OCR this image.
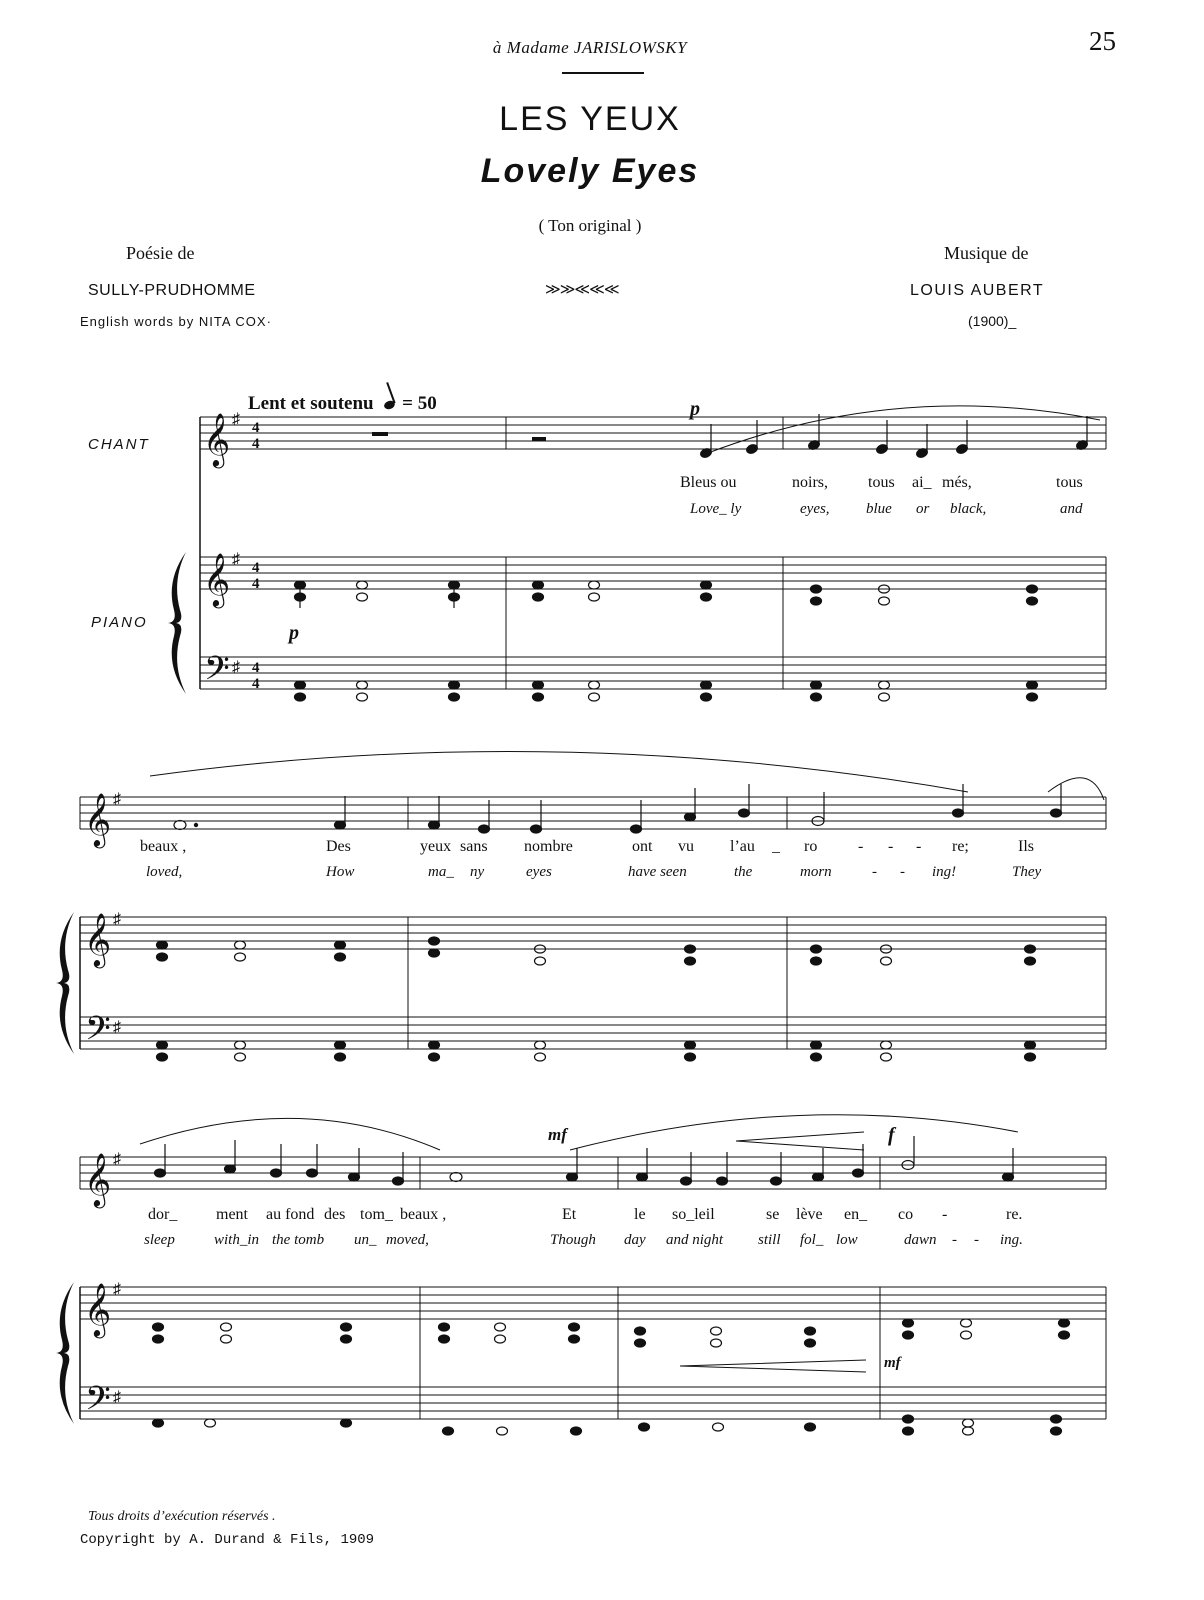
25
à Madame JARISLOWSKY
LES YEUX
Lovely Eyes
( Ton original )
Poésie de
SULLY-PRUDHOMME
English words by NITA COX·
≫≫≪≪≪
Musique de
LOUIS AUBERT
(1900)_
CHANT
PIANO
Lent et soutenu = 50
𝄞
𝄞
𝄢
𝄞
𝄞
𝄢
𝄞
𝄞
𝄢
♯
♯
♯
♯
♯
♯
♯
♯
♯
4
4
4
4
4
4
p
p
mf	f
mf
Bleus ou	noirs,	tous ai_ més,	tous
Love_ ly	eyes, blue or black,	and
beaux ,	Des	yeux sans nombre	ont vu l’au _ ro	- - - re;	Ils
loved,	How	ma_ ny	eyes	have seen	the	morn	- - ing!	They
dor_ ment au fond des tom_ beaux ,	Et	le so_leil	se lève en_ co -	re.
sleep	with_in the tomb un_ moved,	Though day and night still fol_ low	dawn - - ing.
Tous droits d’exécution réservés .
Copyright by A. Durand & Fils, 1909
